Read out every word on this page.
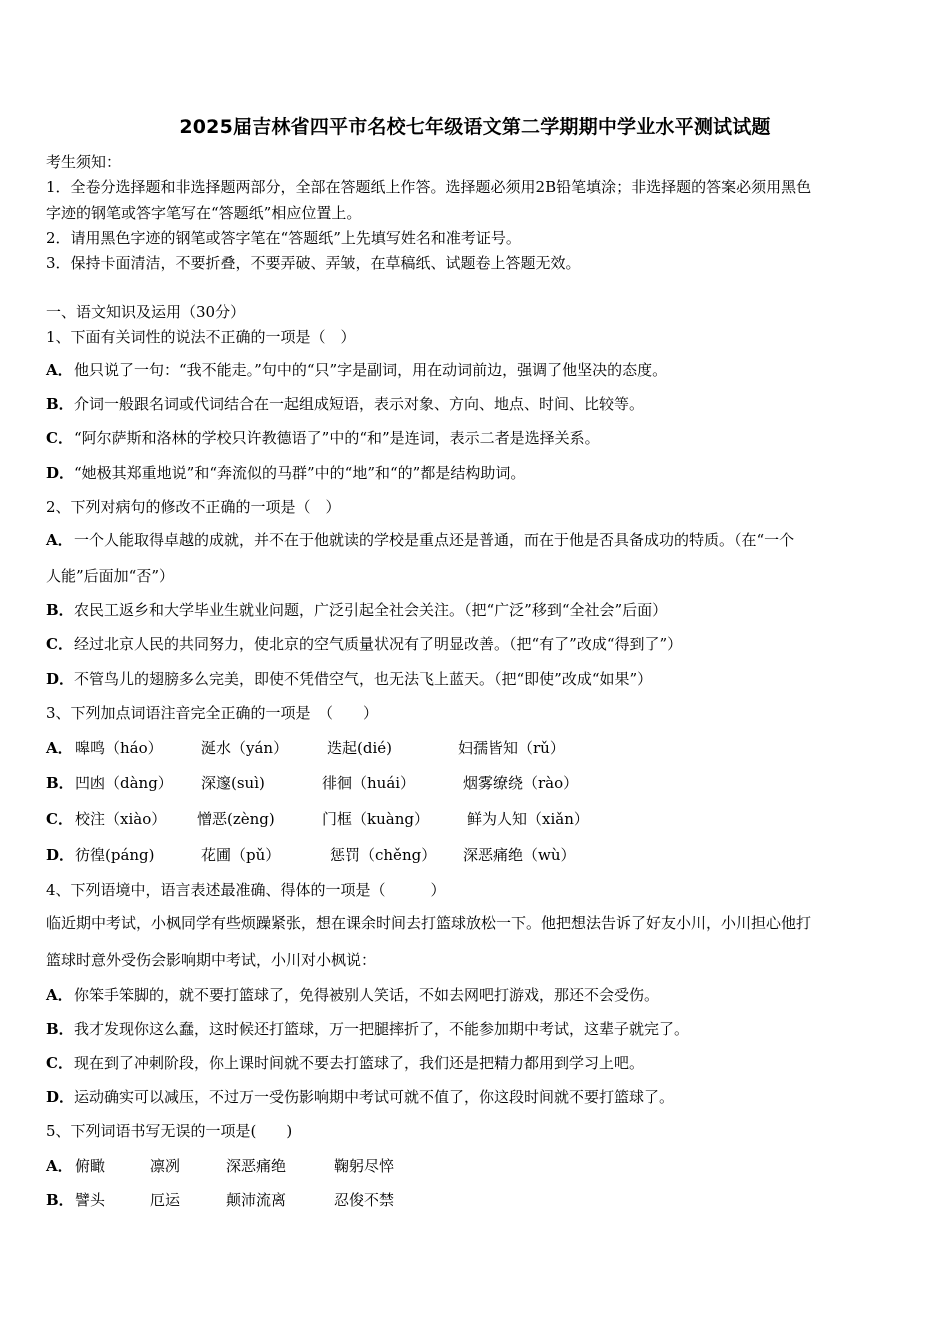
2025届吉林省四平市名校七年级语文第二学期期中学业水平测试试题
考生须知：
1．全卷分选择题和非选择题两部分，全部在答题纸上作答。选择题必须用2B铅笔填涂；非选择题的答案必须用黑色
字迹的钢笔或答字笔写在“答题纸”相应位置上。
2．请用黑色字迹的钢笔或答字笔在“答题纸”上先填写姓名和准考证号。
3．保持卡面清洁，不要折叠，不要弄破、弄皱，在草稿纸、试题卷上答题无效。
一、语文知识及运用（30分）
1、下面有关词性的说法不正确的一项是（　）
A．他只说了一句：“我不能走。”句中的“只”字是副词，用在动词前边，强调了他坚决的态度。
B．介词一般跟名词或代词结合在一起组成短语，表示对象、方向、地点、时间、比较等。
C．“阿尔萨斯和洛林的学校只许教德语了”中的“和”是连词，表示二者是选择关系。
D．“她极其郑重地说”和“奔流似的马群”中的“地”和“的”都是结构助词。
2、下列对病句的修改不正确的一项是（　）
A．一个人能取得卓越的成就，并不在于他就读的学校是重点还是普通，而在于他是否具备成功的特质。（在“一个
人能”后面加“否”）
B．农民工返乡和大学毕业生就业问题，广泛引起全社会关注。（把“广泛”移到“全社会”后面）
C．经过北京人民的共同努力，使北京的空气质量状况有了明显改善。（把“有了”改成“得到了”）
D．不管鸟儿的翅膀多么完美，即使不凭借空气，也无法飞上蓝天。（把“即使”改成“如果”）
3、下列加点词语注音完全正确的一项是　（　　）
A． 嗥鸣（háo）	涎水（yán）	迭起(dié)	妇孺皆知（rǔ）
B． 凹凼（dàng） 深邃(suì)	徘徊（huái）	烟雾缭绕（rào）
C． 校注（xiào） 憎恶(zèng)	门框（kuàng）	鲜为人知（xiǎn）
D． 彷徨(páng)	花圃（pǔ）	惩罚（chěng） 深恶痛绝（wù）
4、下列语境中，语言表述最准确、得体的一项是（　　　）
临近期中考试，小枫同学有些烦躁紧张，想在课余时间去打篮球放松一下。他把想法告诉了好友小川，小川担心他打
篮球时意外受伤会影响期中考试，小川对小枫说：
A．你笨手笨脚的，就不要打篮球了，免得被别人笑话，不如去网吧打游戏，那还不会受伤。
B．我才发现你这么蠢，这时候还打篮球，万一把腿摔折了，不能参加期中考试，这辈子就完了。
C．现在到了冲刺阶段，你上课时间就不要去打篮球了，我们还是把精力都用到学习上吧。
D．运动确实可以减压，不过万一受伤影响期中考试可就不值了，你这段时间就不要打篮球了。
5、下列词语书写无误的一项是(　　)
A． 俯瞰	凛冽	深恶痛绝	鞠躬尽悴
B． 譬头	厄运	颠沛流离	忍俊不禁
